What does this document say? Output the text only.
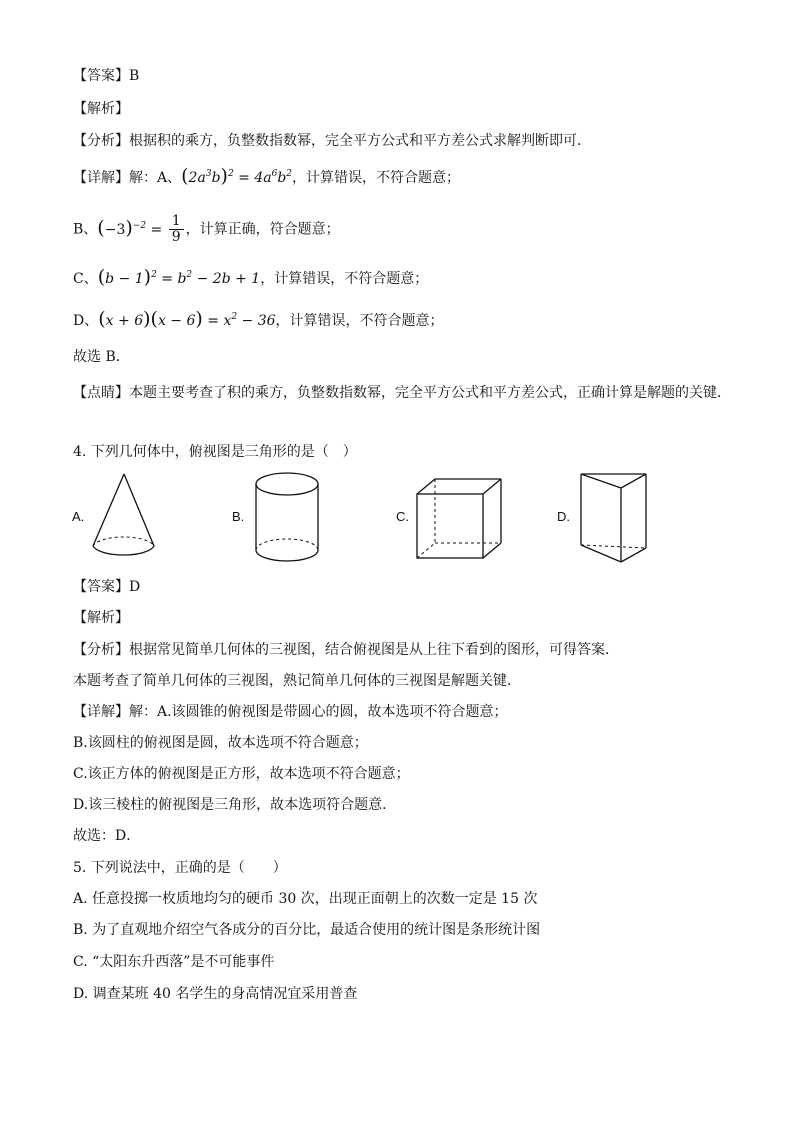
【答案】B
【解析】
【分析】根据积的乘方，负整数指数幂，完全平方公式和平方差公式求解判断即可．
【详解】解：A、$(2a^3b)^2 = 4a^6b^2$，计算错误，不符合题意；
B、$(-3)^{-2} = \frac{1}{9}$ ，计算正确，符合题意；
C、$(b - 1)^2 = b^2 - 2b + 1$，计算错误，不符合题意；
D、$(x + 6)(x - 6) = x^2 - 36$，计算错误，不符合题意；
故选 B．
【点睛】本题主要考查了积的乘方，负整数指数幂，完全平方公式和平方差公式，正确计算是解题的关键．
4. 下列几何体中，俯视图是三角形的是（　）
A.	B.	C.	D.
【答案】D
【解析】
【分析】根据常见简单几何体的三视图，结合俯视图是从上往下看到的图形，可得答案．
本题考查了简单几何体的三视图，熟记简单几何体的三视图是解题关键．
【详解】解：A.该圆锥的俯视图是带圆心的圆，故本选项不符合题意；
B.该圆柱的俯视图是圆，故本选项不符合题意；
C.该正方体的俯视图是正方形，故本选项不符合题意；
D.该三棱柱的俯视图是三角形，故本选项符合题意．
故选：D．
5. 下列说法中，正确的是（　　）
A. 任意投掷一枚质地均匀的硬币 30 次，出现正面朝上的次数一定是 15 次
B. 为了直观地介绍空气各成分的百分比，最适合使用的统计图是条形统计图
C. “太阳东升西落”是不可能事件
D. 调查某班 40 名学生的身高情况宜采用普查
